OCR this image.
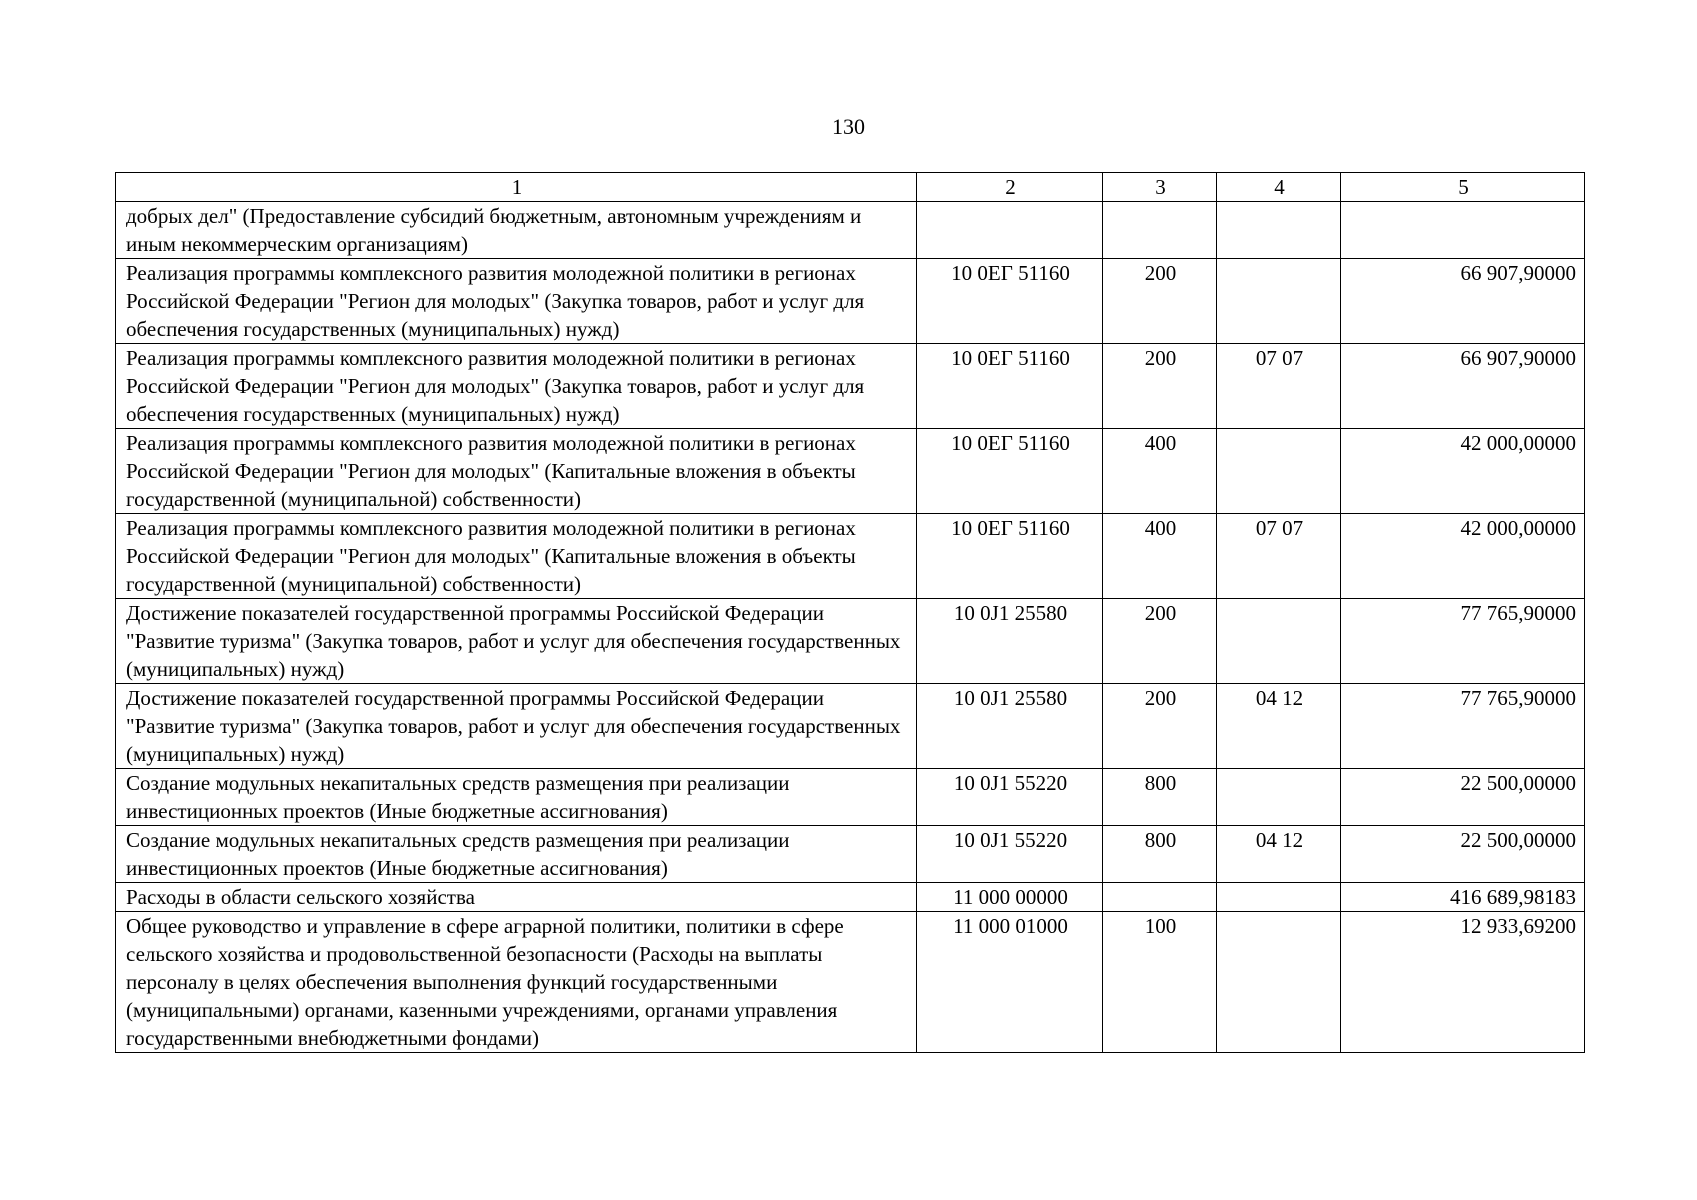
130
1	2	3	4	5
добрых дел" (Предоставление субсидий бюджетным, автономным учреждениям и иным некоммерческим организациям)				
Реализация программы комплексного развития молодежной политики в регионах Российской Федерации "Регион для молодых" (Закупка товаров, работ и услуг для обеспечения государственных (муниципальных) нужд)	10 0ЕГ 51160	200		66 907,90000
Реализация программы комплексного развития молодежной политики в регионах Российской Федерации "Регион для молодых" (Закупка товаров, работ и услуг для обеспечения государственных (муниципальных) нужд)	10 0ЕГ 51160	200	07 07	66 907,90000
Реализация программы комплексного развития молодежной политики в регионах Российской Федерации "Регион для молодых" (Капитальные вложения в объекты государственной (муниципальной) собственности)	10 0ЕГ 51160	400		42 000,00000
Реализация программы комплексного развития молодежной политики в регионах Российской Федерации "Регион для молодых" (Капитальные вложения в объекты государственной (муниципальной) собственности)	10 0ЕГ 51160	400	07 07	42 000,00000
Достижение показателей государственной программы Российской Федерации "Развитие туризма" (Закупка товаров, работ и услуг для обеспечения государственных (муниципальных) нужд)	10 0J1 25580	200		77 765,90000
Достижение показателей государственной программы Российской Федерации "Развитие туризма" (Закупка товаров, работ и услуг для обеспечения государственных (муниципальных) нужд)	10 0J1 25580	200	04 12	77 765,90000
Создание модульных некапитальных средств размещения при реализации инвестиционных проектов (Иные бюджетные ассигнования)	10 0J1 55220	800		22 500,00000
Создание модульных некапитальных средств размещения при реализации инвестиционных проектов (Иные бюджетные ассигнования)	10 0J1 55220	800	04 12	22 500,00000
Расходы в области сельского хозяйства	11 000 00000			416 689,98183
Общее руководство и управление в сфере аграрной политики, политики в сфере сельского хозяйства и продовольственной безопасности (Расходы на выплаты персоналу в целях обеспечения выполнения функций государственными (муниципальными) органами, казенными учреждениями, органами управления государственными внебюджетными фондами)	11 000 01000	100		12 933,69200
